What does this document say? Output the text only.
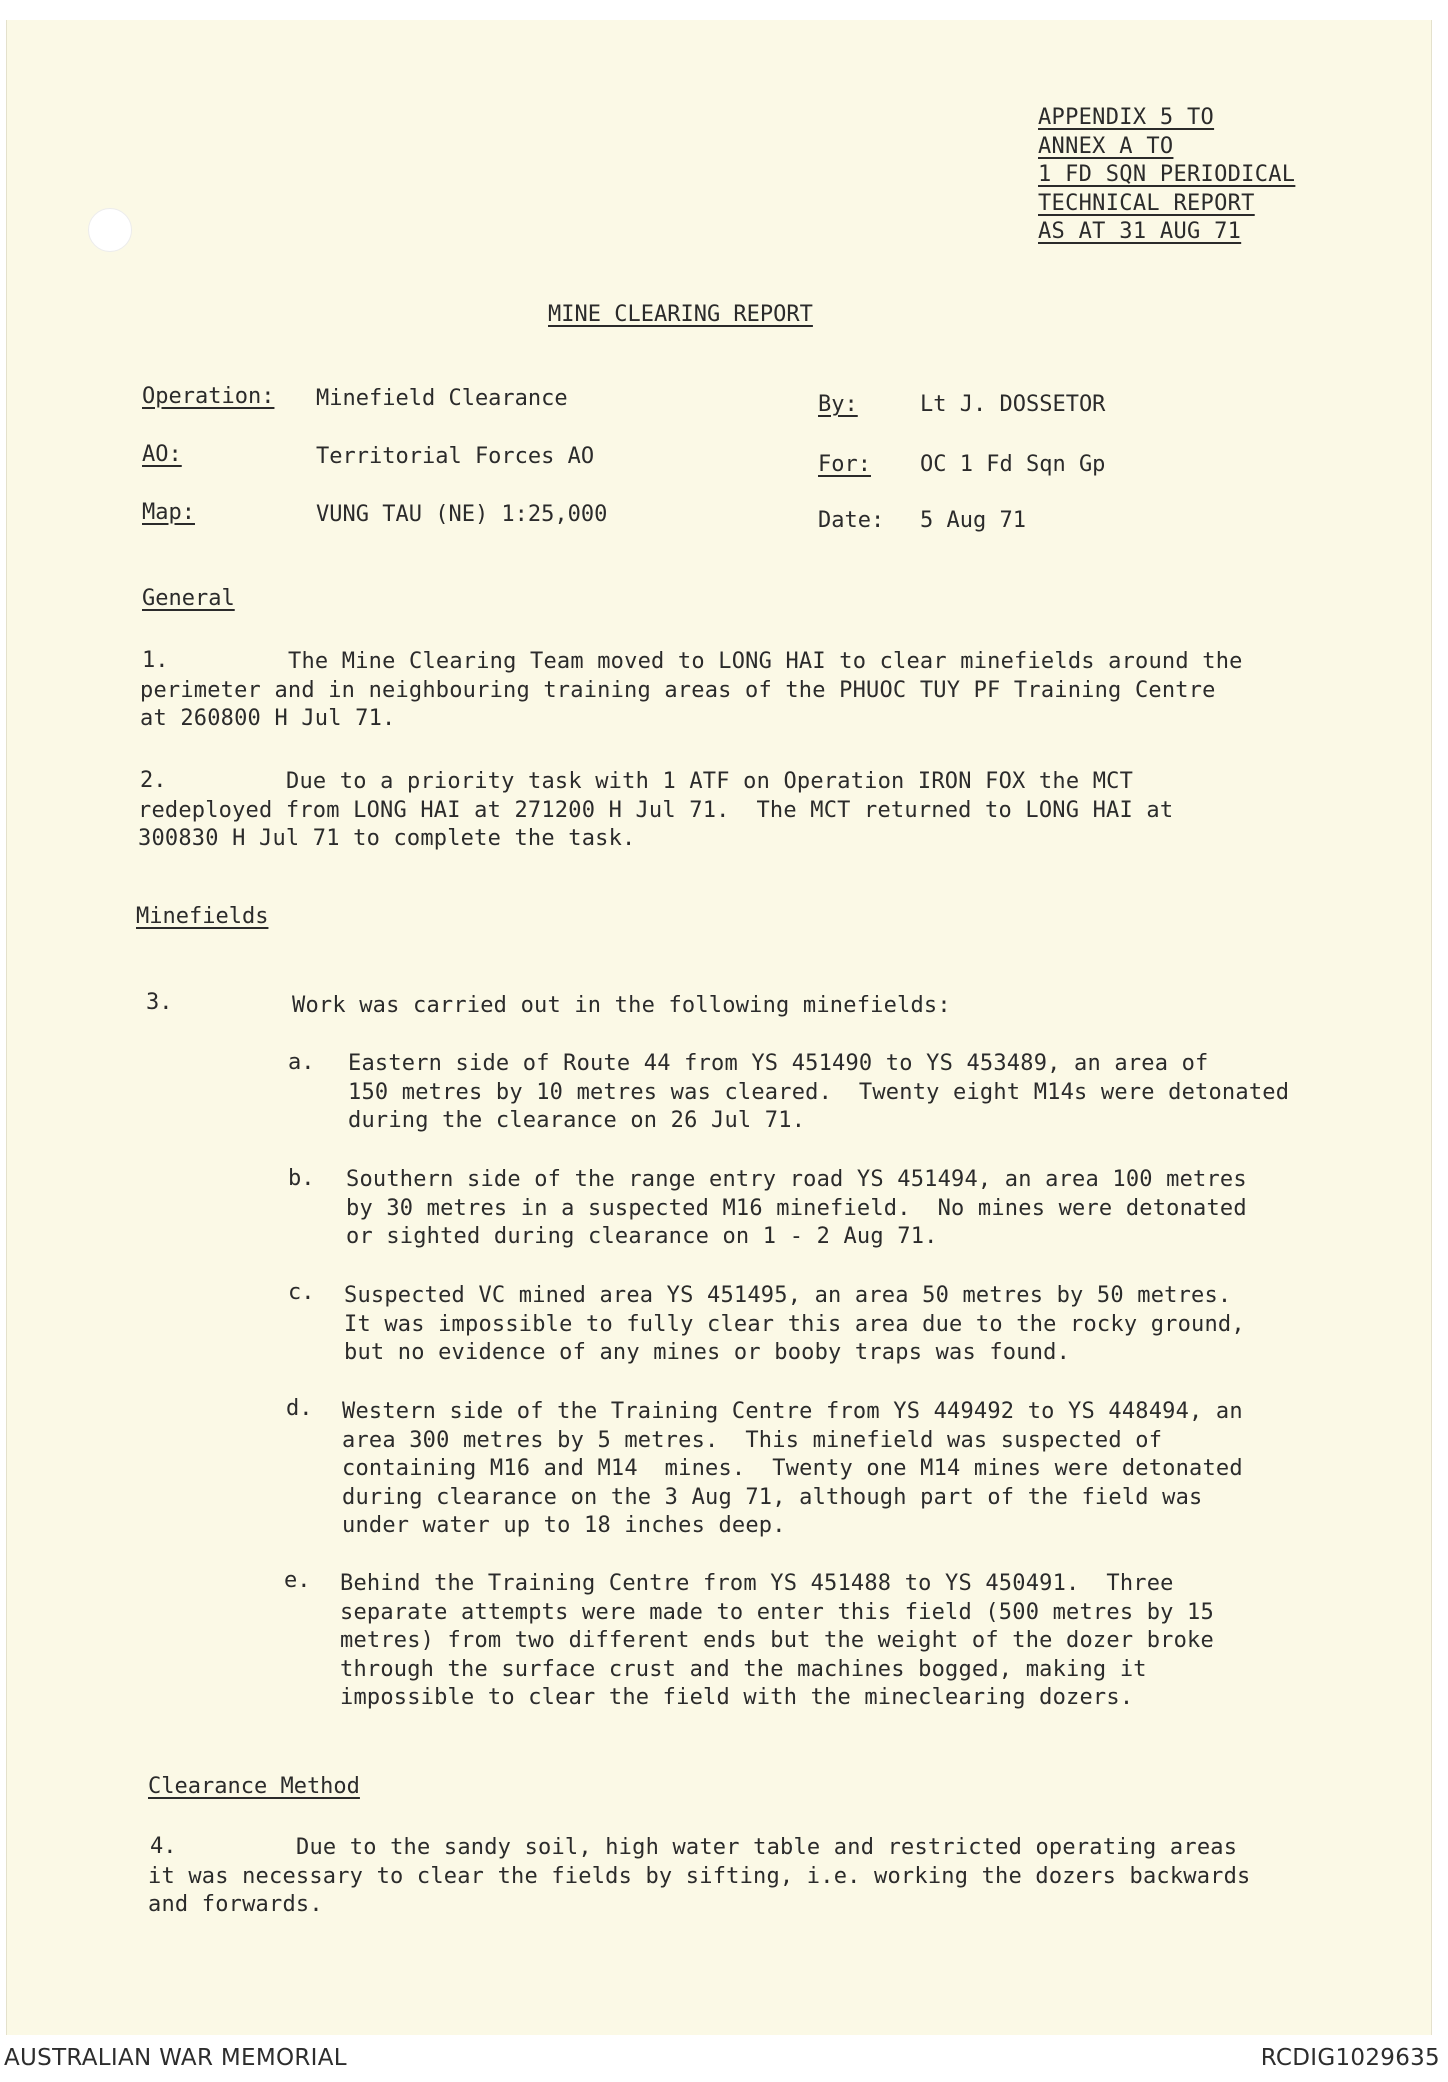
APPENDIX 5 TO
ANNEX A TO
1 FD SQN PERIODICAL
TECHNICAL REPORT
AS AT 31 AUG 71
MINE CLEARING REPORT
Operation: Minefield Clearance
AO:	Territorial Forces AO
Map:	VUNG TAU (NE) 1:25,000
By:	Lt J. DOSSETOR
For: OC 1 Fd Sqn Gp
Date: 5 Aug 71
General
1.	The Mine Clearing Team moved to LONG HAI to clear minefields around the
perimeter and in neighbouring training areas of the PHUOC TUY PF Training Centre
at 260800 H Jul 71.
2.	Due to a priority task with 1 ATF on Operation IRON FOX the MCT
redeployed from LONG HAI at 271200 H Jul 71.  The MCT returned to LONG HAI at
300830 H Jul 71 to complete the task.
Minefields
3.	Work was carried out in the following minefields:
a. Eastern side of Route 44 from YS 451490 to YS 453489, an area of
150 metres by 10 metres was cleared.  Twenty eight M14s were detonated
during the clearance on 26 Jul 71.
b. Southern side of the range entry road YS 451494, an area 100 metres
by 30 metres in a suspected M16 minefield.  No mines were detonated
or sighted during clearance on 1 - 2 Aug 71.
c. Suspected VC mined area YS 451495, an area 50 metres by 50 metres.
It was impossible to fully clear this area due to the rocky ground,
but no evidence of any mines or booby traps was found.
d. Western side of the Training Centre from YS 449492 to YS 448494, an
area 300 metres by 5 metres.  This minefield was suspected of
containing M16 and M14  mines.  Twenty one M14 mines were detonated
during clearance on the 3 Aug 71, although part of the field was
under water up to 18 inches deep.
e. Behind the Training Centre from YS 451488 to YS 450491.  Three
separate attempts were made to enter this field (500 metres by 15
metres) from two different ends but the weight of the dozer broke
through the surface crust and the machines bogged, making it
impossible to clear the field with the mineclearing dozers.
Clearance Method
4.	Due to the sandy soil, high water table and restricted operating areas
it was necessary to clear the fields by sifting, i.e. working the dozers backwards
and forwards.
AUSTRALIAN WAR MEMORIAL	RCDIG1029635
